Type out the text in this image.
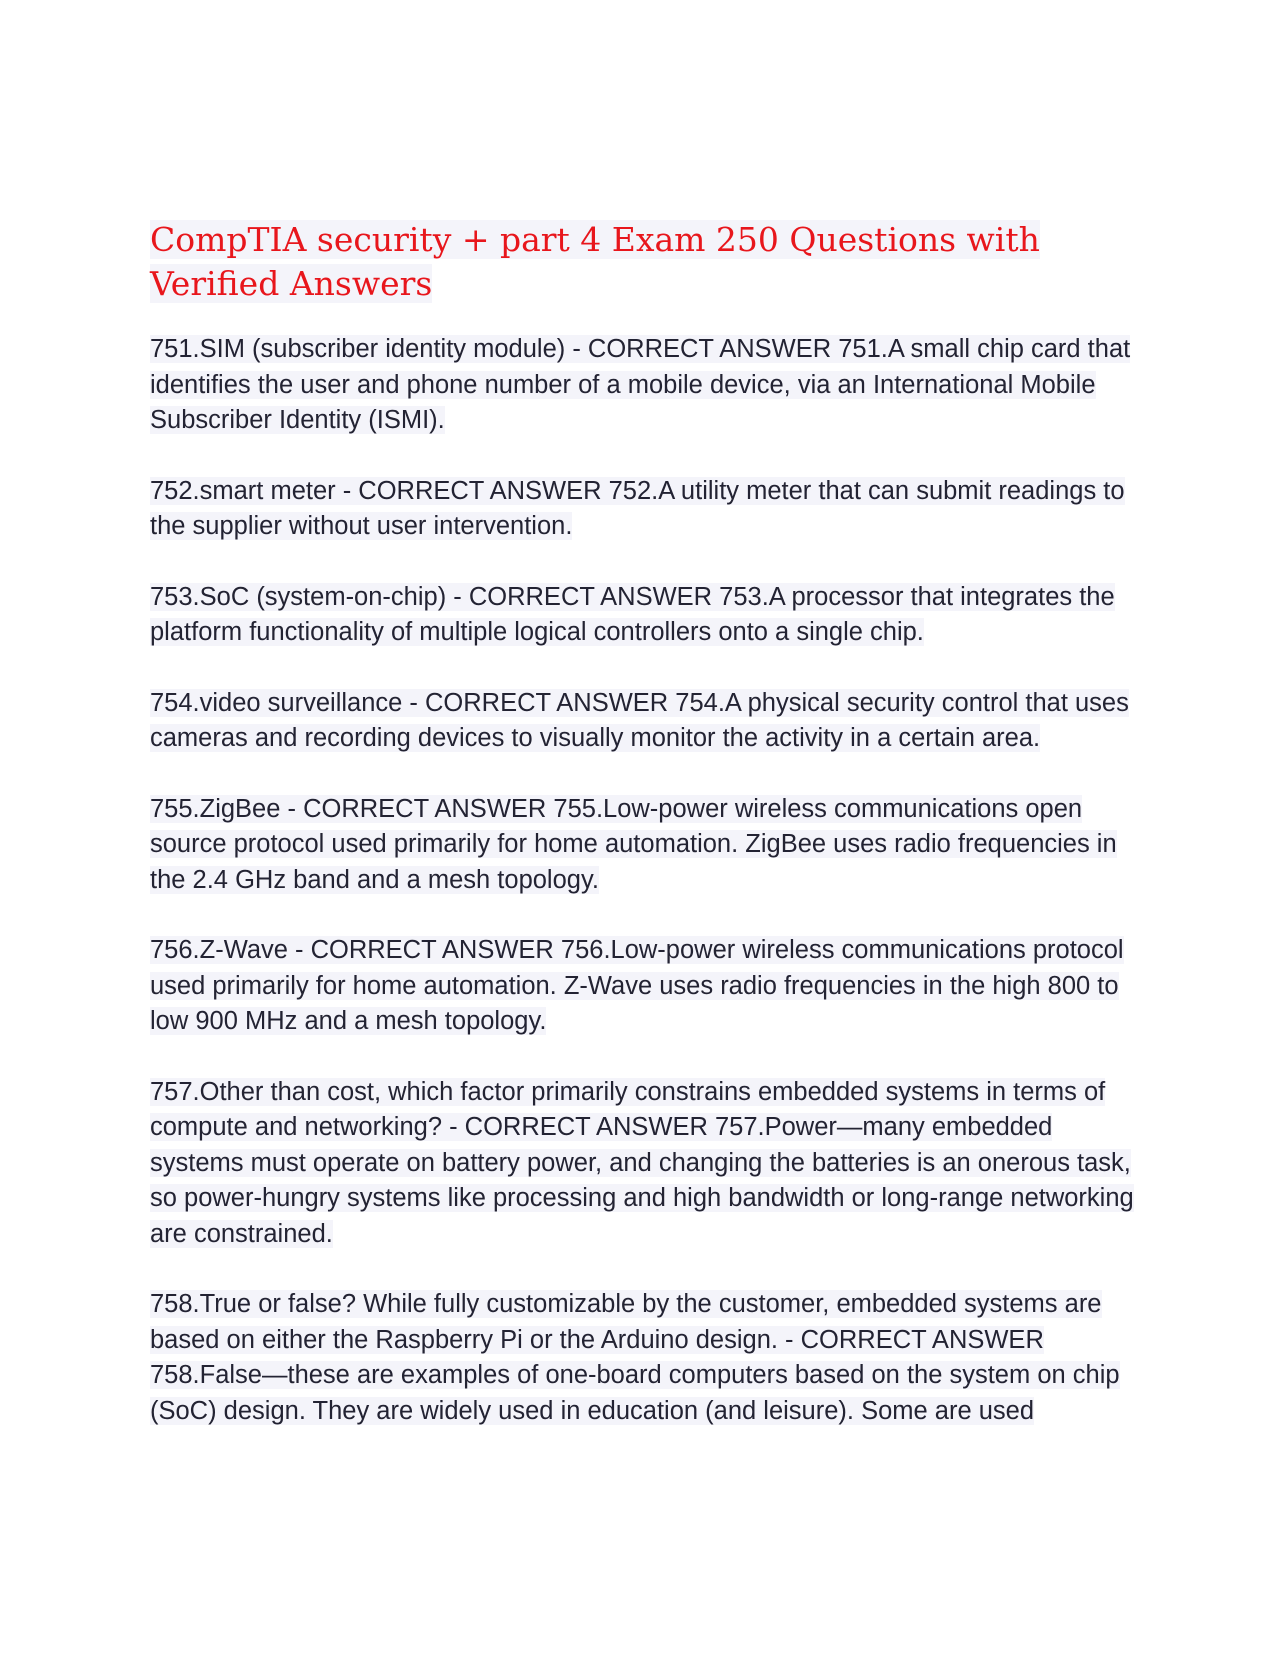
CompTIA security + part 4 Exam 250 Questions with Verified Answers

751.SIM (subscriber identity module) - CORRECT ANSWER 751.A small chip card that identifies the user and phone number of a mobile device, via an International Mobile Subscriber Identity (ISMI).

752.smart meter - CORRECT ANSWER 752.A utility meter that can submit readings to the supplier without user intervention.

753.SoC (system-on-chip) - CORRECT ANSWER 753.A processor that integrates the platform functionality of multiple logical controllers onto a single chip.

754.video surveillance - CORRECT ANSWER 754.A physical security control that uses cameras and recording devices to visually monitor the activity in a certain area.

755.ZigBee - CORRECT ANSWER 755.Low-power wireless communications open source protocol used primarily for home automation. ZigBee uses radio frequencies in the 2.4 GHz band and a mesh topology.

756.Z-Wave - CORRECT ANSWER 756.Low-power wireless communications protocol used primarily for home automation. Z-Wave uses radio frequencies in the high 800 to low 900 MHz and a mesh topology.

757.Other than cost, which factor primarily constrains embedded systems in terms of compute and networking? - CORRECT ANSWER 757.Power—many embedded systems must operate on battery power, and changing the batteries is an onerous task, so power-hungry systems like processing and high bandwidth or long-range networking are constrained.

758.True or false? While fully customizable by the customer, embedded systems are based on either the Raspberry Pi or the Arduino design. - CORRECT ANSWER 758.False—these are examples of one-board computers based on the system on chip (SoC) design. They are widely used in education (and leisure). Some are used
